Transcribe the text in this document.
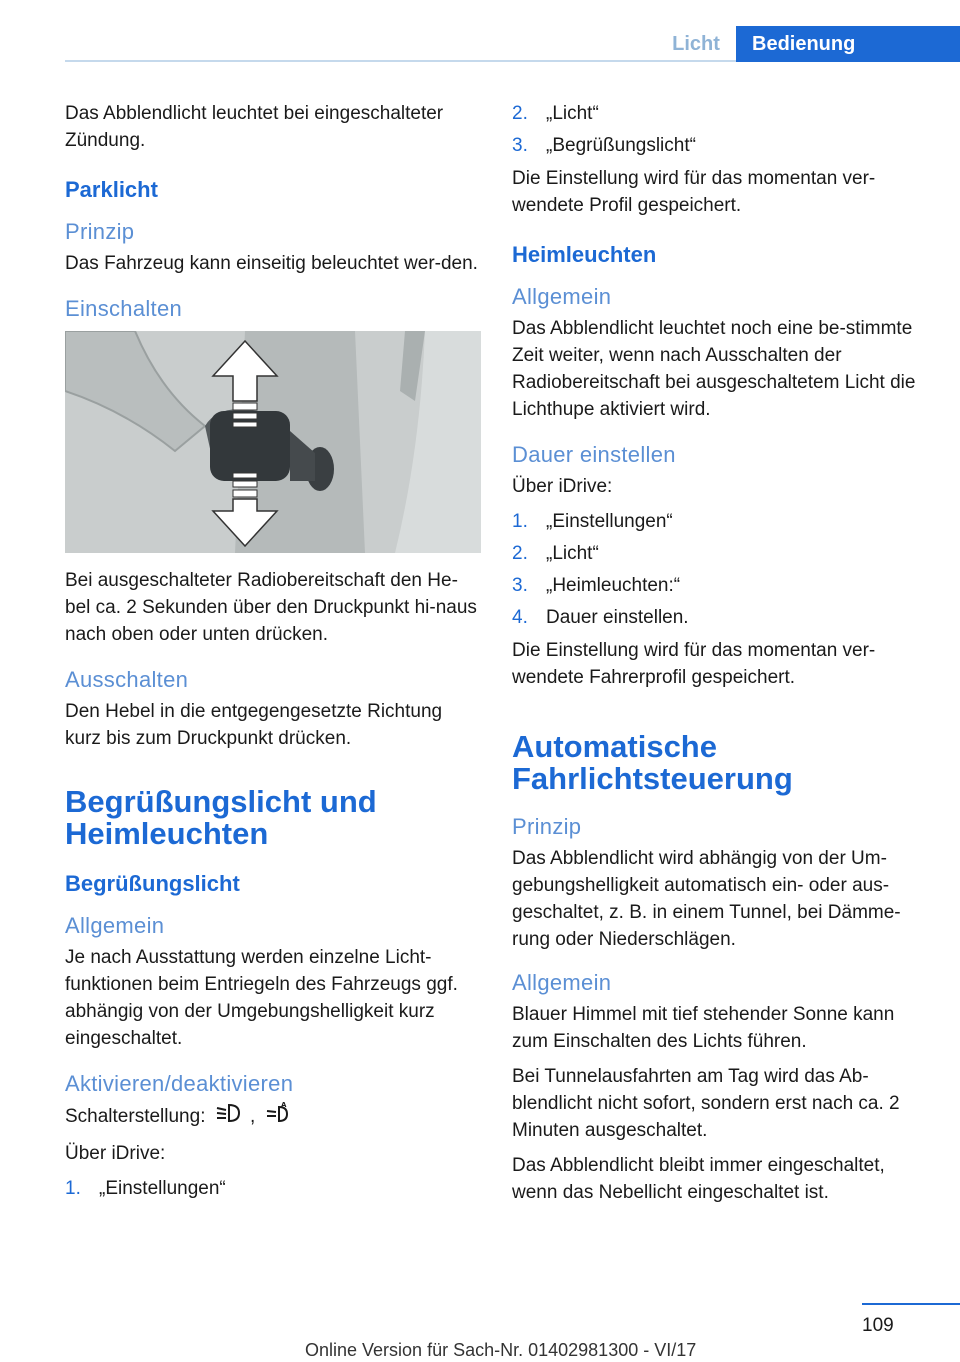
Licht	Bedienung

Das Abblendlicht leuchtet bei eingeschalteter Zündung.

Parklicht
Prinzip

Das Fahrzeug kann einseitig beleuchtet wer-den.

Einschalten

Bei ausgeschalteter Radiobereitschaft den He-bel ca. 2 Sekunden über den Druckpunkt hi-naus nach oben oder unten drücken.

Ausschalten

Den Hebel in die entgegengesetzte Richtung kurz bis zum Druckpunkt drücken.

Begrüßungslicht und Heimleuchten
Begrüßungslicht
Allgemein

Je nach Ausstattung werden einzelne Licht-funktionen beim Entriegeln des Fahrzeugs ggf. abhängig von der Umgebungshelligkeit kurz eingeschaltet.

Aktivieren/deaktivieren

Schalterstellung: ,
A

Über iDrive:

1. „Einstellungen“
2. „Licht“
3. „Begrüßungslicht“

Die Einstellung wird für das momentan ver-wendete Profil gespeichert.

Heimleuchten
Allgemein

Das Abblendlicht leuchtet noch eine be-stimmte Zeit weiter, wenn nach Ausschalten der Radiobereitschaft bei ausgeschaltetem Licht die Lichthupe aktiviert wird.

Dauer einstellen

Über iDrive:

1. „Einstellungen“
2. „Licht“
3. „Heimleuchten:“
4. Dauer einstellen.

Die Einstellung wird für das momentan ver-wendete Fahrerprofil gespeichert.

Automatische Fahrlichtsteuerung
Prinzip

Das Abblendlicht wird abhängig von der Um-gebungshelligkeit automatisch ein- oder aus-geschaltet, z. B. in einem Tunnel, bei Dämme-rung oder Niederschlägen.

Allgemein

Blauer Himmel mit tief stehender Sonne kann zum Einschalten des Lichts führen.

Bei Tunnelausfahrten am Tag wird das Ab-blendlicht nicht sofort, sondern erst nach ca. 2 Minuten ausgeschaltet.

Das Abblendlicht bleibt immer eingeschaltet, wenn das Nebellicht eingeschaltet ist.

109
Online Version für Sach-Nr. 01402981300 - VI/17
